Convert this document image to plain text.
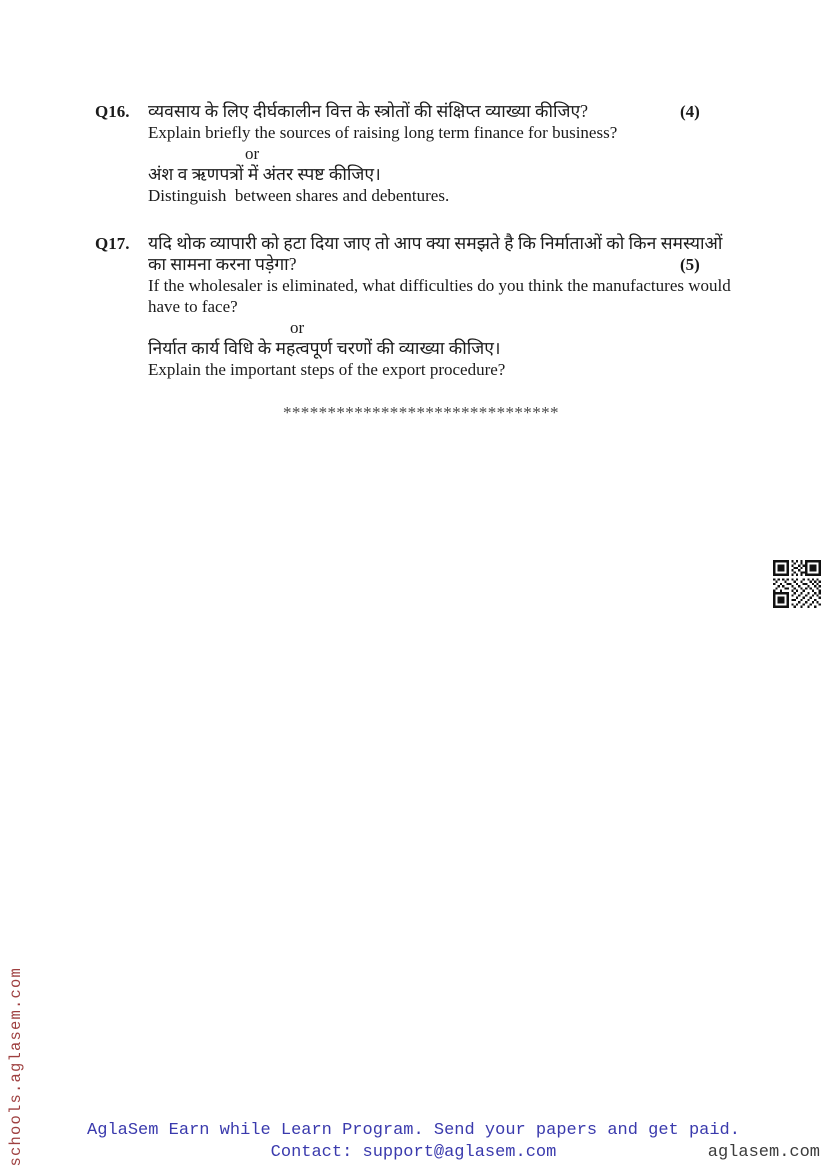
Q16.	व्यवसाय के लिए दीर्घकालीन वित्त के स्त्रोतों की संक्षिप्त व्याख्या कीजिए?
Explain briefly the sources of raising long term finance for business?
or
अंश व ऋणपत्रों में अंतर स्पष्ट कीजिए।
Distinguish  between shares and debentures.
(4)
Q17.	यदि थोक व्यापारी को हटा दिया जाए तो आप क्या समझते है कि निर्माताओं को किन समस्याओं
का सामना करना पड़ेगा?
If the wholesaler is eliminated, what difficulties do you think the manufactures would
have to face?
or
निर्यात कार्य विधि के महत्वपूर्ण चरणों की व्याख्या कीजिए।
Explain the important steps of the export procedure?
(5)
*******************************
schools.aglasem.com	AglaSem Earn while Learn Program. Send your papers and get paid.
Contact: support@aglasem.com	aglasem.com
